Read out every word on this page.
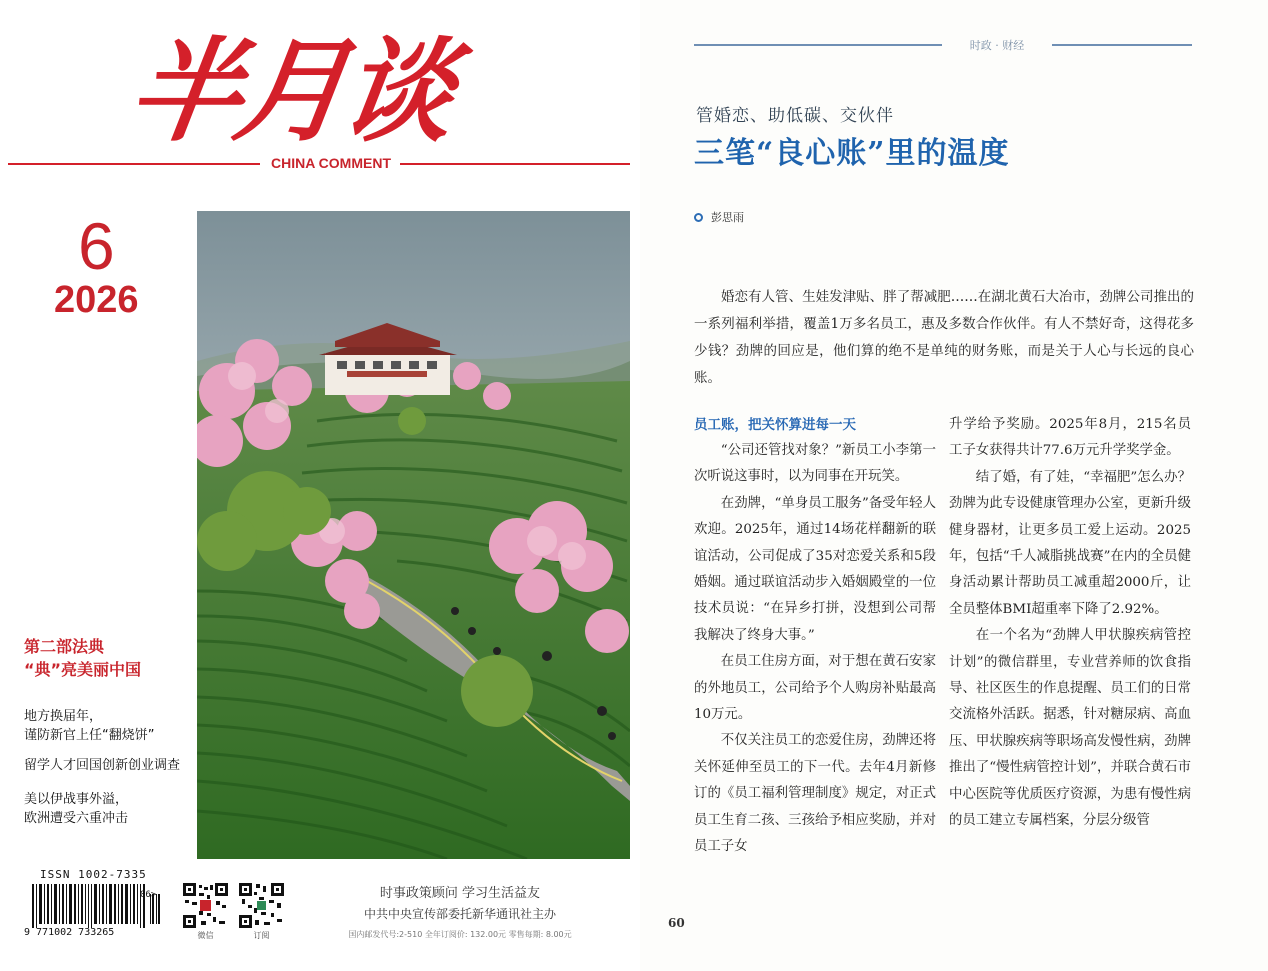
半月谈
CHINA COMMENT
6
2026
第二部法典
“典”亮美丽中国
地方换届年，
谨防新官上任“翻烧饼”
留学人才回国创新创业调查
美以伊战事外溢，
欧洲遭受六重冲击
ISSN 1002-7335
9 771002 733265
06>
微信	订阅
时事政策顾问 学习生活益友
中共中央宣传部委托新华通讯社主办
国内邮发代号:2-510 全年订阅价: 132.00元 零售每期: 8.00元
时政 · 财经
管婚恋、助低碳、交伙伴
三笔“良心账”里的温度
彭思雨

婚恋有人管、生娃发津贴、胖了帮减肥……在湖北黄石大冶市，劲牌公司推出的一系列福利举措，覆盖1万多名员工，惠及多数合作伙伴。有人不禁好奇，这得花多少钱？劲牌的回应是，他们算的绝不是单纯的财务账，而是关于人心与长远的良心账。

员工账，把关怀算进每一天

“公司还管找对象？”新员工小李第一次听说这事时，以为同事在开玩笑。

在劲牌，“单身员工服务”备受年轻人欢迎。2025年，通过14场花样翻新的联谊活动，公司促成了35对恋爱关系和5段婚姻。通过联谊活动步入婚姻殿堂的一位技术员说：“在异乡打拼，没想到公司帮我解决了终身大事。”

在员工住房方面，对于想在黄石安家的外地员工，公司给予个人购房补贴最高10万元。

不仅关注员工的恋爱住房，劲牌还将关怀延伸至员工的下一代。去年4月新修订的《员工福利管理制度》规定，对正式员工生育二孩、三孩给予相应奖励，并对员工子女

升学给予奖励。2025年8月，215名员工子女获得共计77.6万元升学奖学金。

结了婚，有了娃，“幸福肥”怎么办？劲牌为此专设健康管理办公室，更新升级健身器材，让更多员工爱上运动。2025年，包括“千人减脂挑战赛”在内的全员健身活动累计帮助员工减重超2000斤，让全员整体BMI超重率下降了2.92%。

在一个名为“劲牌人甲状腺疾病管控计划”的微信群里，专业营养师的饮食指导、社区医生的作息提醒、员工们的日常交流格外活跃。据悉，针对糖尿病、高血压、甲状腺疾病等职场高发慢性病，劲牌推出了“慢性病管控计划”，并联合黄石市中心医院等优质医疗资源，为患有慢性病的员工建立专属档案，分层分级管

60
